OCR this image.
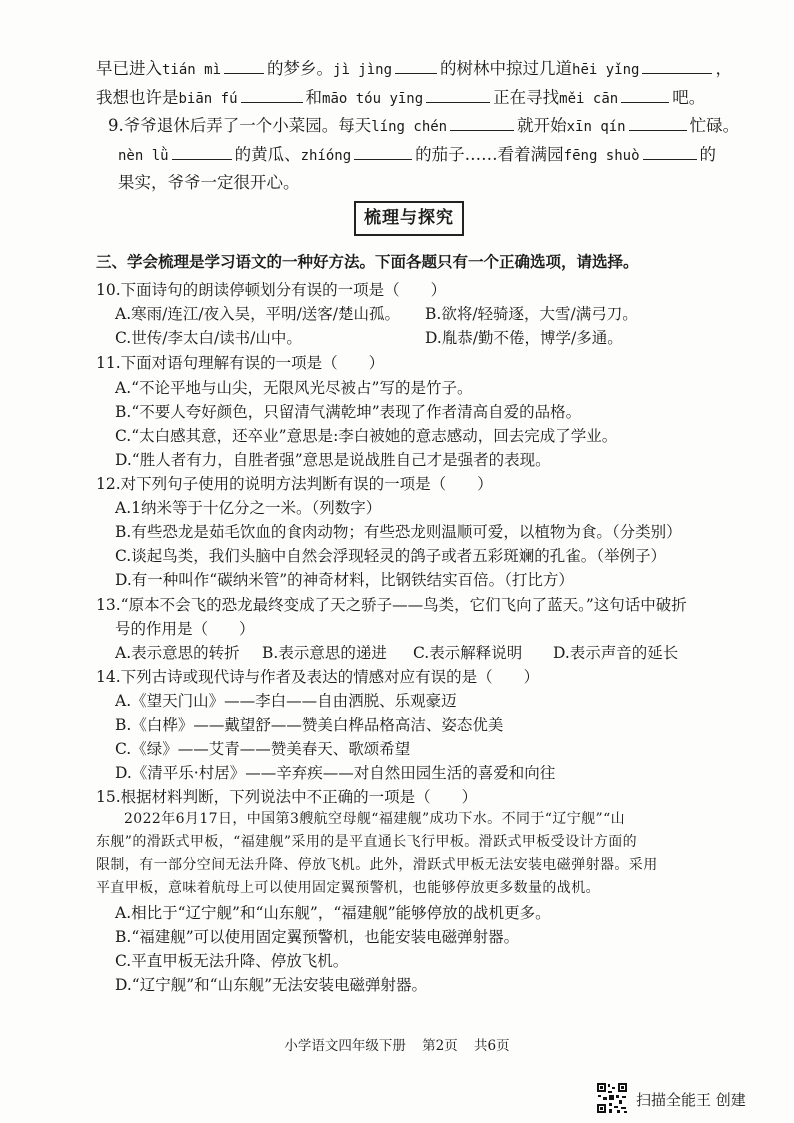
早已进入tián mì	的梦乡。jì jìng	的树林中掠过几道hēi yǐng	，
我想也许是biān fú	和māo tóu yīng	正在寻找měi cān	吧。
9.爷爷退休后弄了一个小菜园。每天líng chén	就开始xīn qín	忙碌。
nèn lǜ	的黄瓜、zhíóng	的茄子……看着满园fēng shuò	的
果实，爷爷一定很开心。
梳理与探究
三、学会梳理是学习语文的一种好方法。下面各题只有一个正确选项，请选择。
10.下面诗句的朗读停顿划分有误的一项是（　　）
A.寒雨/连江/夜入吴，平明/送客/楚山孤。 B.欲将/轻骑逐，大雪/满弓刀。
C.世传/李太白/读书/山中。	D.胤恭/勤不倦，博学/多通。
11.下面对语句理解有误的一项是（　　）
A.“不论平地与山尖，无限风光尽被占”写的是竹子。
B.“不要人夸好颜色，只留清气满乾坤”表现了作者清高自爱的品格。
C.“太白感其意，还卒业”意思是:李白被她的意志感动，回去完成了学业。
D.“胜人者有力，自胜者强”意思是说战胜自己才是强者的表现。
12.对下列句子使用的说明方法判断有误的一项是（　　）
A.1纳米等于十亿分之一米。（列数字）
B.有些恐龙是茹毛饮血的食肉动物；有些恐龙则温顺可爱，以植物为食。（分类别）
C.谈起鸟类，我们头脑中自然会浮现轻灵的鸽子或者五彩斑斓的孔雀。（举例子）
D.有一种叫作“碳纳米管”的神奇材料，比钢铁结实百倍。（打比方）
13.“原本不会飞的恐龙最终变成了天之骄子——鸟类，它们飞向了蓝天。”这句话中破折
号的作用是（　　）
A.表示意思的转折 B.表示意思的递进 C.表示解释说明 D.表示声音的延长
14.下列古诗或现代诗与作者及表达的情感对应有误的是（　　）
A.《望天门山》——李白——自由洒脱、乐观豪迈
B.《白桦》——戴望舒——赞美白桦品格高洁、姿态优美
C.《绿》——艾青——赞美春天、歌颂希望
D.《清平乐·村居》——辛弃疾——对自然田园生活的喜爱和向往
15.根据材料判断，下列说法中不正确的一项是（　　）

2022年6月17日，中国第3艘航空母舰“福建舰”成功下水。不同于“辽宁舰”“山

东舰”的滑跃式甲板，“福建舰”采用的是平直通长飞行甲板。滑跃式甲板受设计方面的
限制，有一部分空间无法升降、停放飞机。此外，滑跃式甲板无法安装电磁弹射器。采用
平直甲板，意味着航母上可以使用固定翼预警机，也能够停放更多数量的战机。
A.相比于“辽宁舰”和“山东舰”，“福建舰”能够停放的战机更多。
B.“福建舰”可以使用固定翼预警机，也能安装电磁弹射器。
C.平直甲板无法升降、停放飞机。
D.“辽宁舰”和“山东舰”无法安装电磁弹射器。
小学语文四年级下册 第2页 共6页
扫描全能王 创建
